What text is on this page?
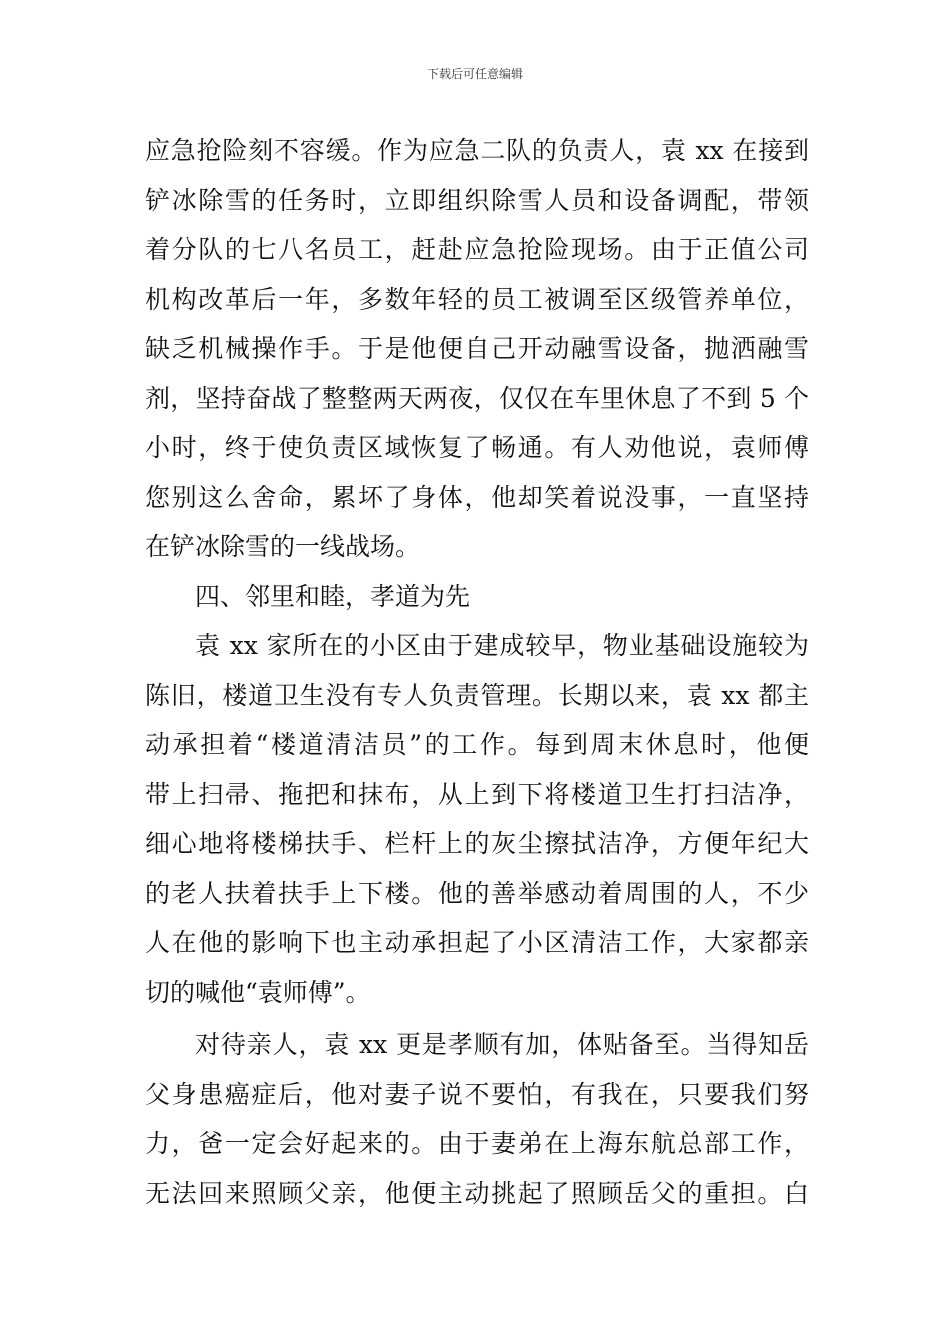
下载后可任意编辑
应急抢险刻不容缓。作为应急二队的负责人，袁 xx 在接到
铲冰除雪的任务时，立即组织除雪人员和设备调配，带领
着分队的七八名员工，赶赴应急抢险现场。由于正值公司
机构改革后一年，多数年轻的员工被调至区级管养单位，
缺乏机械操作手。于是他便自己开动融雪设备，抛洒融雪
剂，坚持奋战了整整两天两夜，仅仅在车里休息了不到 5 个
小时，终于使负责区域恢复了畅通。有人劝他说，袁师傅
您别这么舍命，累坏了身体，他却笑着说没事，一直坚持
在铲冰除雪的一线战场。
四、邻里和睦，孝道为先
袁 xx 家所在的小区由于建成较早，物业基础设施较为
陈旧，楼道卫生没有专人负责管理。长期以来，袁 xx 都主
动承担着“楼道清洁员”的工作。每到周末休息时，他便
带上扫帚、拖把和抹布，从上到下将楼道卫生打扫洁净，
细心地将楼梯扶手、栏杆上的灰尘擦拭洁净，方便年纪大
的老人扶着扶手上下楼。他的善举感动着周围的人，不少
人在他的影响下也主动承担起了小区清洁工作，大家都亲
切的喊他“袁师傅”。
对待亲人，袁 xx 更是孝顺有加，体贴备至。当得知岳
父身患癌症后，他对妻子说不要怕，有我在，只要我们努
力，爸一定会好起来的。由于妻弟在上海东航总部工作，
无法回来照顾父亲，他便主动挑起了照顾岳父的重担。白
